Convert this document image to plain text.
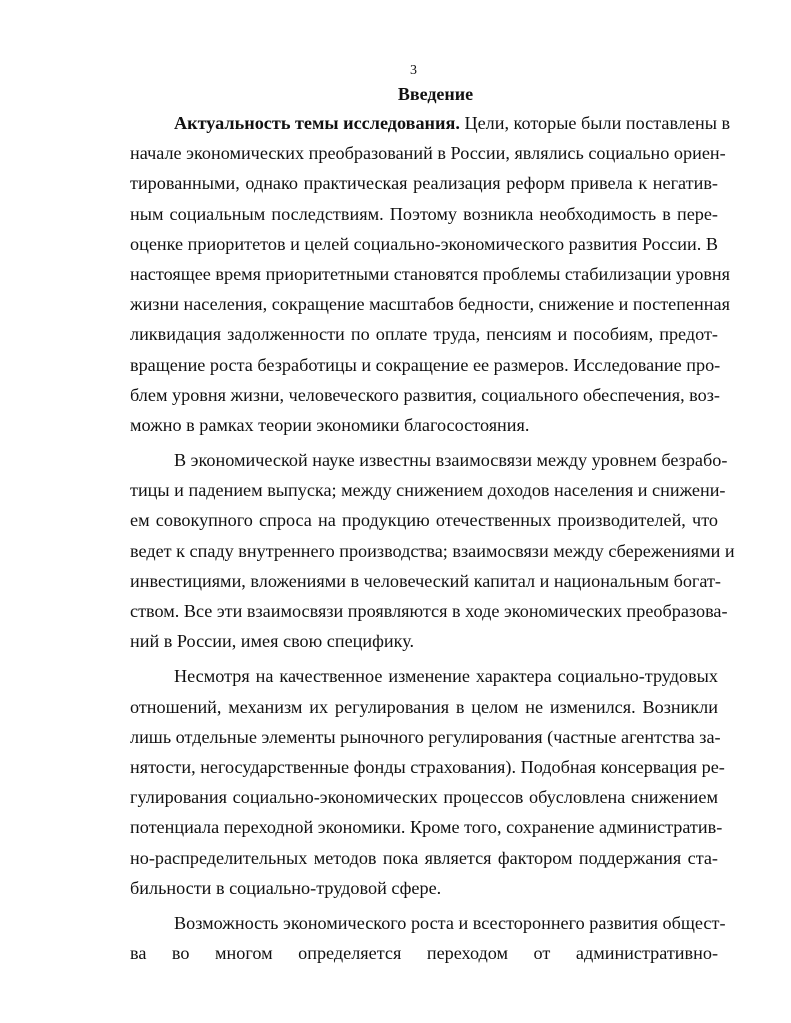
3
Введение
Актуальность темы исследования. Цели, которые были поставлены в
начале экономических преобразований в России, являлись социально ориен-
тированными, однако практическая реализация реформ привела к негатив-
ным социальным последствиям. Поэтому возникла необходимость в пере-
оценке приоритетов и целей социально-экономического развития России. В
настоящее время приоритетными становятся проблемы стабилизации уровня
жизни населения, сокращение масштабов бедности, снижение и постепенная
ликвидация задолженности по оплате труда, пенсиям и пособиям, предот-
вращение роста безработицы и сокращение ее размеров. Исследование про-
блем уровня жизни, человеческого развития, социального обеспечения, воз-
можно в рамках теории экономики благосостояния.
В экономической науке известны взаимосвязи между уровнем безрабо-
тицы и падением выпуска; между снижением доходов населения и снижени-
ем совокупного спроса на продукцию отечественных производителей, что
ведет к спаду внутреннего производства; взаимосвязи между сбережениями и
инвестициями, вложениями в человеческий капитал и национальным богат-
ством. Все эти взаимосвязи проявляются в ходе экономических преобразова-
ний в России, имея свою специфику.
Несмотря на качественное изменение характера социально-трудовых
отношений, механизм их регулирования в целом не изменился. Возникли
лишь отдельные элементы рыночного регулирования (частные агентства за-
нятости, негосударственные фонды страхования). Подобная консервация ре-
гулирования социально-экономических процессов обусловлена снижением
потенциала переходной экономики. Кроме того, сохранение административ-
но-распределительных методов пока является фактором поддержания ста-
бильности в социально-трудовой сфере.
Возможность экономического роста и всестороннего развития общест-
ва во многом определяется переходом от административно-
